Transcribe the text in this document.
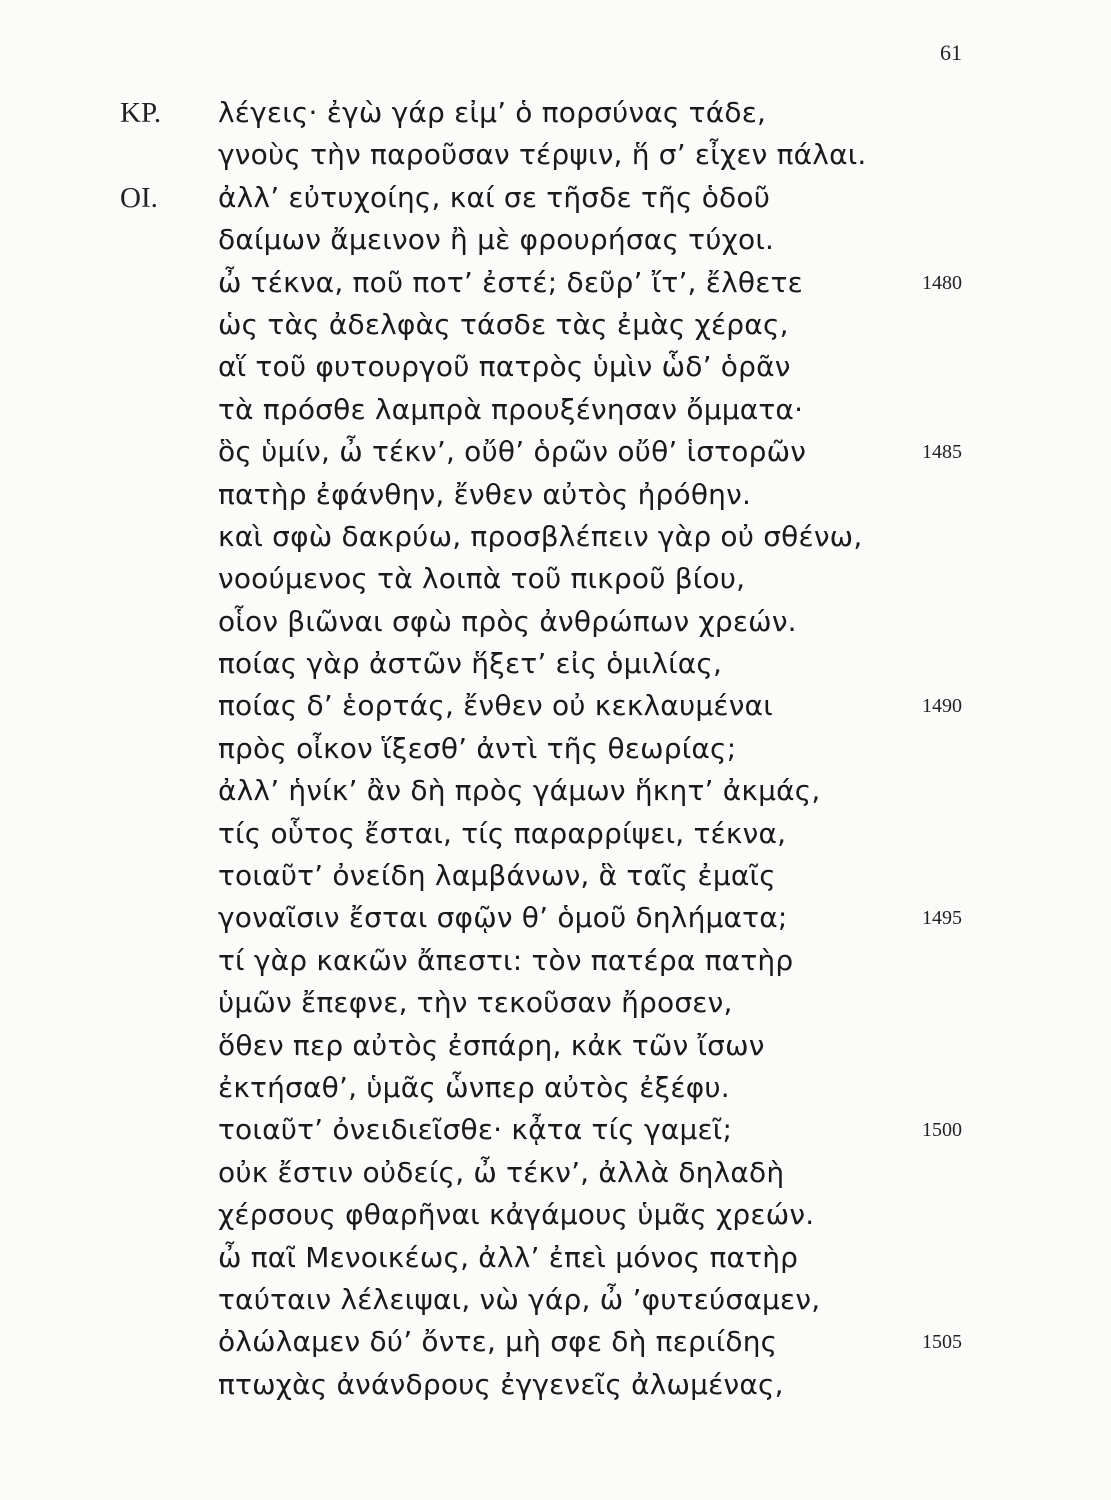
61
ΚΡ. λέγεις· ἐγὼ γάρ εἰμ’ ὁ πορσύνας τάδε,
γνοὺς τὴν παροῦσαν τέρψιν, ἥ σ’ εἶχεν πάλαι.
ΟΙ. ἀλλ’ εὐτυχοίης, καί σε τῆσδε τῆς ὁδοῦ
δαίμων ἄμεινον ἢ μὲ φρουρήσας τύχοι.
ὦ τέκνα, ποῦ ποτ’ ἐστέ; δεῦρ’ ἴτ’, ἔλθετε	1480
ὡς τὰς ἀδελφὰς τάσδε τὰς ἐμὰς χέρας,
αἵ τοῦ φυτουργοῦ πατρὸς ὑμὶν ὧδ’ ὁρᾶν
τὰ πρόσθε λαμπρὰ προυξένησαν ὄμματα·
ὃς ὑμίν, ὦ τέκν’, οὔθ’ ὁρῶν οὔθ’ ἱστορῶν	1485
πατὴρ ἐφάνθην, ἔνθεν αὐτὸς ἠρόθην.
καὶ σφὼ δακρύω, προσβλέπειν γὰρ οὐ σθένω,
νοούμενος τὰ λοιπὰ τοῦ πικροῦ βίου,
οἷον βιῶναι σφὼ πρὸς ἀνθρώπων χρεών.
ποίας γὰρ ἀστῶν ἥξετ’ εἰς ὁμιλίας,
ποίας δ’ ἑορτάς, ἔνθεν οὐ κεκλαυμέναι	1490
πρὸς οἶκον ἵξεσθ’ ἀντὶ τῆς θεωρίας;
ἀλλ’ ἡνίκ’ ἂν δὴ πρὸς γάμων ἥκητ’ ἀκμάς,
τίς οὗτος ἔσται, τίς παραρρίψει, τέκνα,
τοιαῦτ’ ὀνείδη λαμβάνων, ἃ ταῖς ἐμαῖς
γοναῖσιν ἔσται σφῷν θ’ ὁμοῦ δηλήματα;	1495
τί γὰρ κακῶν ἄπεστι: τὸν πατέρα πατὴρ
ὑμῶν ἔπεφνε, τὴν τεκοῦσαν ἤροσεν,
ὅθεν περ αὐτὸς ἐσπάρη, κἀκ τῶν ἴσων
ἐκτήσαθ’, ὑμᾶς ὧνπερ αὐτὸς ἐξέφυ.
τοιαῦτ’ ὀνειδιεῖσθε· κᾆτα τίς γαμεῖ;	1500
οὐκ ἔστιν οὐδείς, ὦ τέκν’, ἀλλὰ δηλαδὴ
χέρσους φθαρῆναι κἀγάμους ὑμᾶς χρεών.
ὦ παῖ Μενοικέως, ἀλλ’ ἐπεὶ μόνος πατὴρ
ταύταιν λέλειψαι, νὼ γάρ, ὦ ’φυτεύσαμεν,
ὀλώλαμεν δύ’ ὄντε, μὴ σφε δὴ περιίδης	1505
πτωχὰς ἀνάνδρους ἐγγενεῖς ἀλωμένας,
